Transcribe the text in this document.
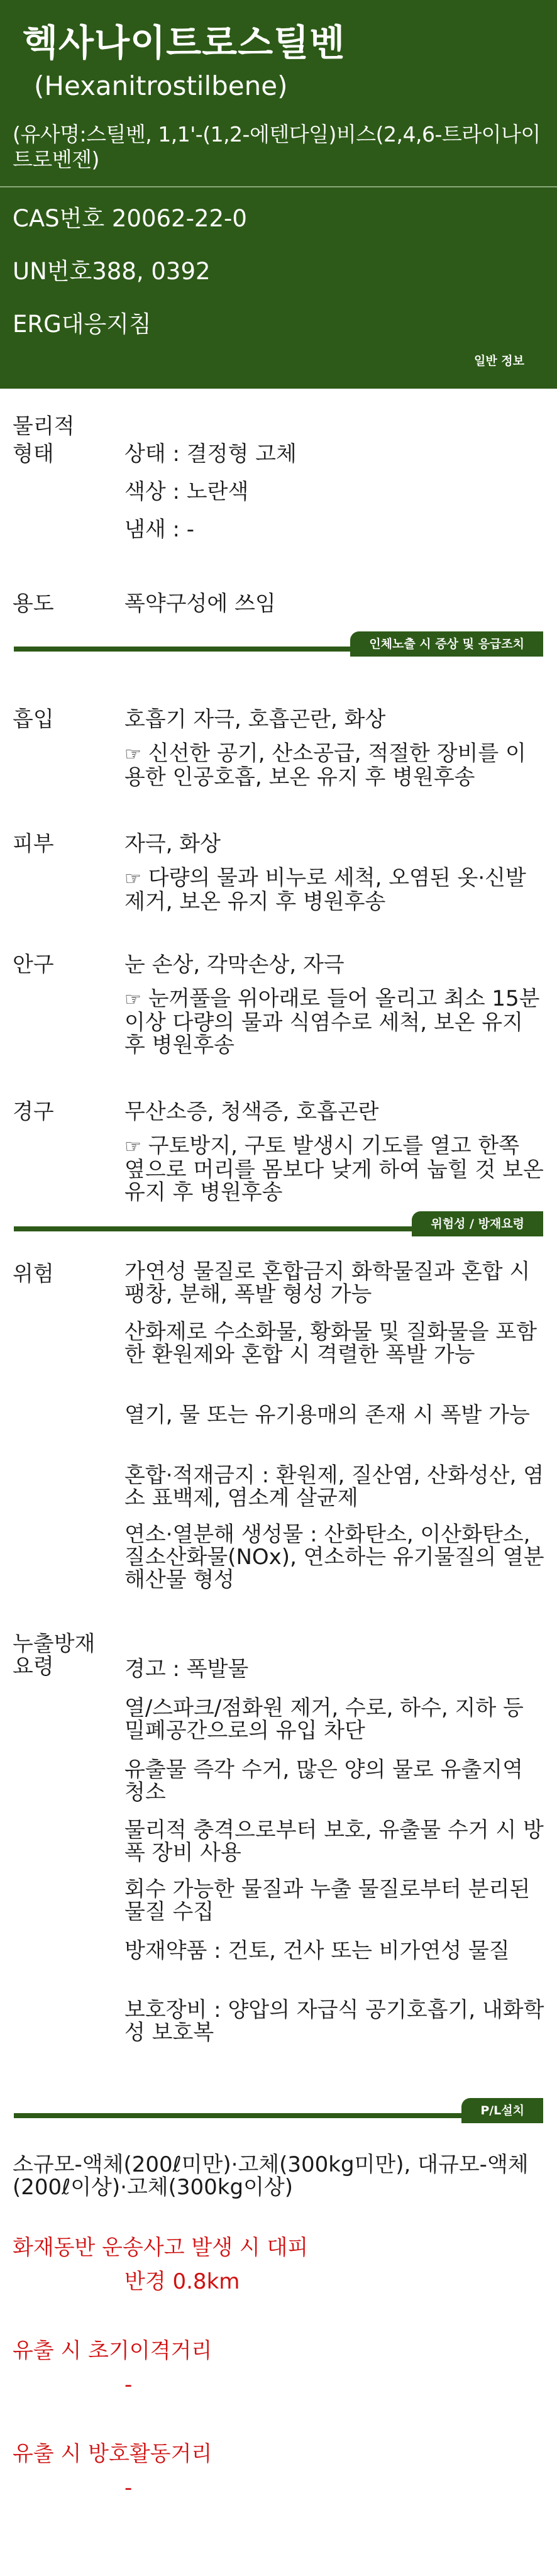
헥사나이트로스틸벤
(Hexanitrostilbene)
(유사명:스틸벤, 1,1'-(1,2-에텐다일)비스(2,4,6-트라이나이트로벤젠)
CAS번호 20062-22-0
UN번호388, 0392
ERG대응지침
일반 정보
물리적 형태	상태 : 결정형 고체
색상 : 노란색
냄새 : -
용도	폭약구성에 쓰임
인체노출 시 증상 및 응급조치
흡입	호흡기 자극, 호흡곤란, 화상
☞ 신선한 공기, 산소공급, 적절한 장비를 이용한 인공호흡, 보온 유지 후 병원후송
피부	자극, 화상
☞ 다량의 물과 비누로 세척, 오염된 옷·신발 제거, 보온 유지 후 병원후송
안구	눈 손상, 각막손상, 자극
☞ 눈꺼풀을 위아래로 들어 올리고 최소 15분이상 다량의 물과 식염수로 세척, 보온 유지 후 병원후송
경구	무산소증, 청색증, 호흡곤란
☞ 구토방지, 구토 발생시 기도를 열고 한쪽 옆으로 머리를 몸보다 낮게 하여 눕힐 것 보온 유지 후 병원후송
위험성 / 방재요령
위험	가연성 물질로 혼합금지 화학물질과 혼합 시 팽창, 분해, 폭발 형성 가능
산화제로 수소화물, 황화물 및 질화물을 포함한 환원제와 혼합 시 격렬한 폭발 가능
열기, 물 또는 유기용매의 존재 시 폭발 가능
혼합·적재금지 : 환원제, 질산염, 산화성산, 염소 표백제, 염소계 살균제
연소·열분해 생성물 : 산화탄소, 이산화탄소, 질소산화물(NOx), 연소하는 유기물질의 열분해산물 형성
누출방재 요령	경고 : 폭발물
열/스파크/점화원 제거, 수로, 하수, 지하 등 밀폐공간으로의 유입 차단
유출물 즉각 수거, 많은 양의 물로 유출지역 청소
물리적 충격으로부터 보호, 유출물 수거 시 방폭 장비 사용
회수 가능한 물질과 누출 물질로부터 분리된 물질 수집
방재약품 : 건토, 건사 또는 비가연성 물질
보호장비 : 양압의 자급식 공기호흡기, 내화학성 보호복
P/L설치
소규모-액체(200ℓ미만)·고체(300kg미만), 대규모-액체(200ℓ이상)·고체(300kg이상)
화재동반 운송사고 발생 시 대피
반경 0.8km
유출 시 초기이격거리
-
유출 시 방호활동거리
-
